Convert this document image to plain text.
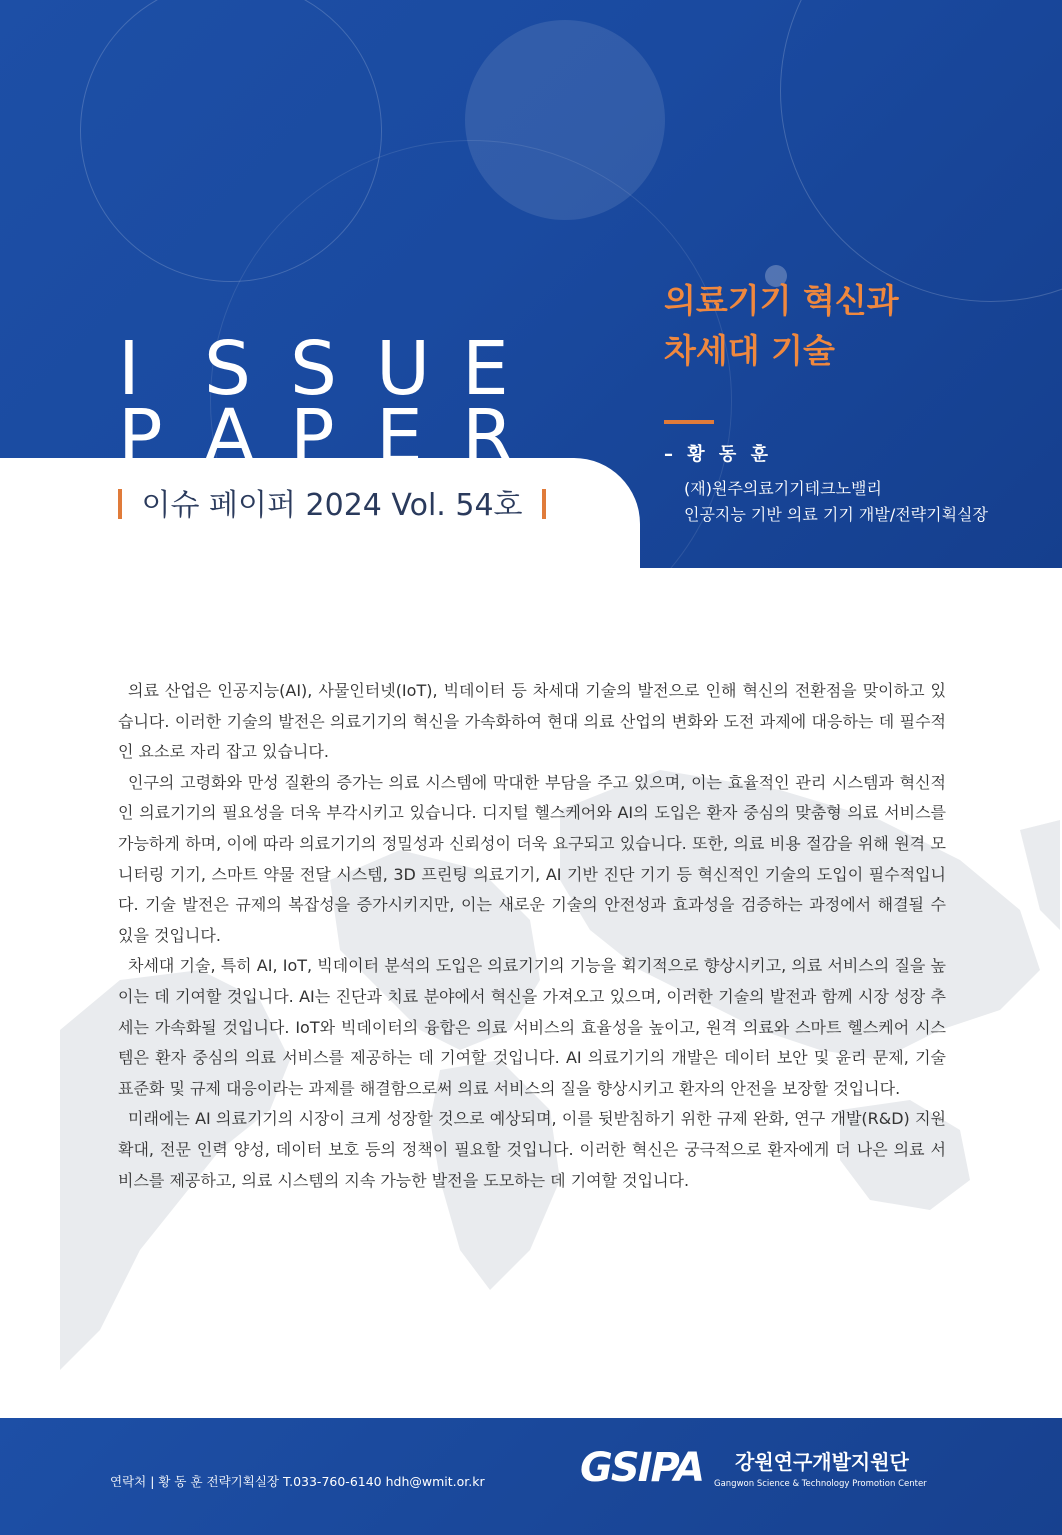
I S S U E
P A P E R
이슈 페이퍼 2024 Vol. 54호
의료기기 혁신과
차세대 기술
– 황 동 훈
(재)원주의료기기테크노밸리
인공지능 기반 의료 기기 개발/전략기획실장

의료 산업은 인공지능(AI), 사물인터넷(IoT), 빅데이터 등 차세대 기술의 발전으로 인해 혁신의 전환점을 맞이하고 있습니다. 이러한 기술의 발전은 의료기기의 혁신을 가속화하여 현대 의료 산업의 변화와 도전 과제에 대응하는 데 필수적인 요소로 자리 잡고 있습니다.

인구의 고령화와 만성 질환의 증가는 의료 시스템에 막대한 부담을 주고 있으며, 이는 효율적인 관리 시스템과 혁신적인 의료기기의 필요성을 더욱 부각시키고 있습니다. 디지털 헬스케어와 AI의 도입은 환자 중심의 맞춤형 의료 서비스를 가능하게 하며, 이에 따라 의료기기의 정밀성과 신뢰성이 더욱 요구되고 있습니다. 또한, 의료 비용 절감을 위해 원격 모니터링 기기, 스마트 약물 전달 시스템, 3D 프린팅 의료기기, AI 기반 진단 기기 등 혁신적인 기술의 도입이 필수적입니다. 기술 발전은 규제의 복잡성을 증가시키지만, 이는 새로운 기술의 안전성과 효과성을 검증하는 과정에서 해결될 수 있을 것입니다.

차세대 기술, 특히 AI, IoT, 빅데이터 분석의 도입은 의료기기의 기능을 획기적으로 향상시키고, 의료 서비스의 질을 높이는 데 기여할 것입니다. AI는 진단과 치료 분야에서 혁신을 가져오고 있으며, 이러한 기술의 발전과 함께 시장 성장 추세는 가속화될 것입니다. IoT와 빅데이터의 융합은 의료 서비스의 효율성을 높이고, 원격 의료와 스마트 헬스케어 시스템은 환자 중심의 의료 서비스를 제공하는 데 기여할 것입니다. AI 의료기기의 개발은 데이터 보안 및 윤리 문제, 기술 표준화 및 규제 대응이라는 과제를 해결함으로써 의료 서비스의 질을 향상시키고 환자의 안전을 보장할 것입니다.

미래에는 AI 의료기기의 시장이 크게 성장할 것으로 예상되며, 이를 뒷받침하기 위한 규제 완화, 연구 개발(R&D) 지원 확대, 전문 인력 양성, 데이터 보호 등의 정책이 필요할 것입니다. 이러한 혁신은 궁극적으로 환자에게 더 나은 의료 서비스를 제공하고, 의료 시스템의 지속 가능한 발전을 도모하는 데 기여할 것입니다.

연락처 | 황 동 훈 전략기획실장 T.033-760-6140 hdh@wmit.or.kr GSIPA 강원연구개발지원단
Gangwon Science & Technology Promotion Center
